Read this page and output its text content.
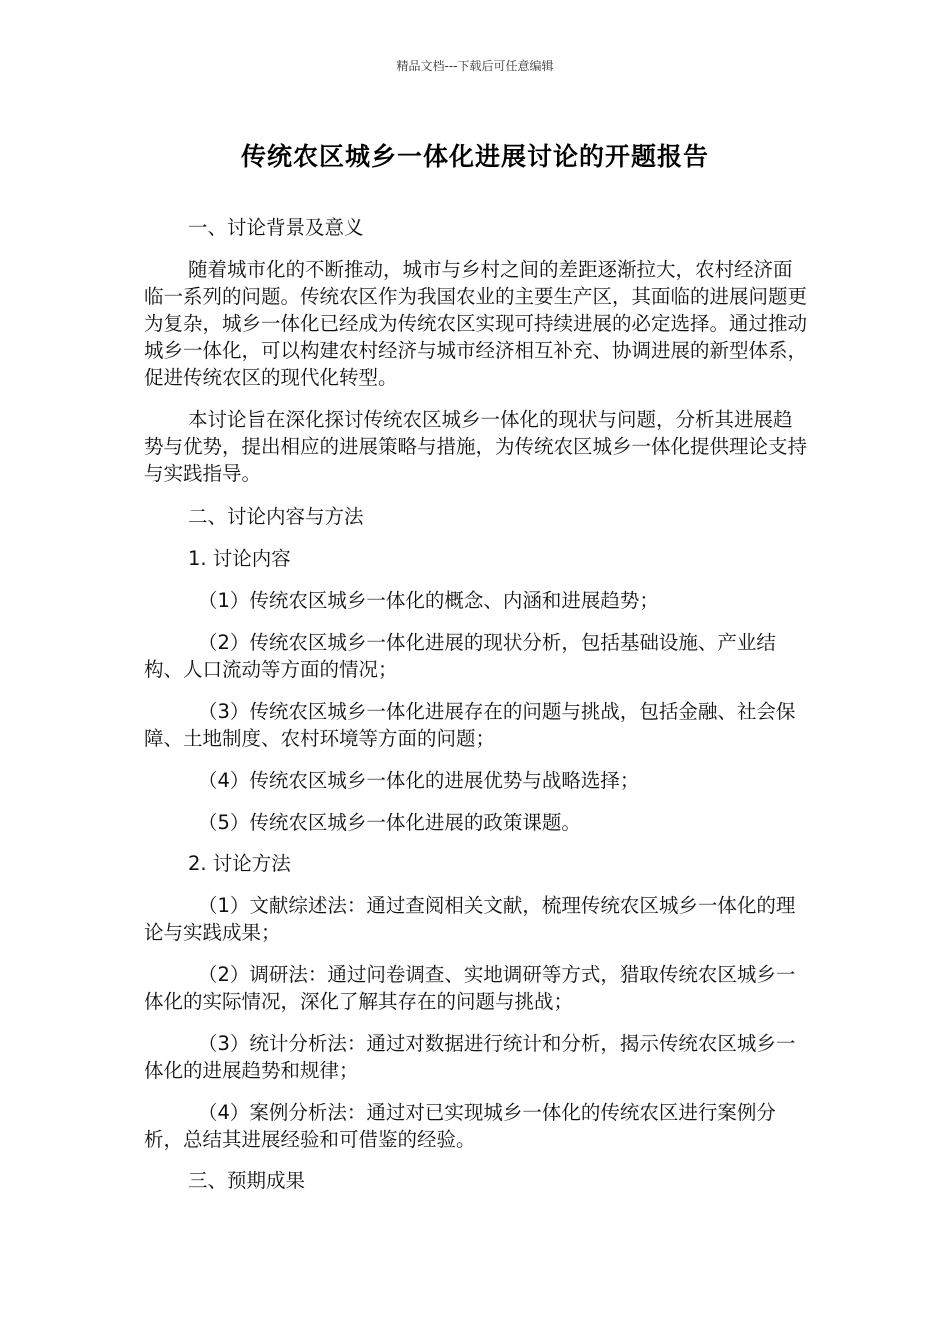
精品文档---下载后可任意编辑
传统农区城乡一体化进展讨论的开题报告

一、讨论背景及意义

随着城市化的不断推动，城市与乡村之间的差距逐渐拉大，农村经济面临一系列的问题。传统农区作为我国农业的主要生产区，其面临的进展问题更为复杂，城乡一体化已经成为传统农区实现可持续进展的必定选择。通过推动城乡一体化，可以构建农村经济与城市经济相互补充、协调进展的新型体系，促进传统农区的现代化转型。

本讨论旨在深化探讨传统农区城乡一体化的现状与问题，分析其进展趋势与优势，提出相应的进展策略与措施，为传统农区城乡一体化提供理论支持与实践指导。

二、讨论内容与方法

1. 讨论内容

（1）传统农区城乡一体化的概念、内涵和进展趋势；

（2）传统农区城乡一体化进展的现状分析，包括基础设施、产业结构、人口流动等方面的情况；

（3）传统农区城乡一体化进展存在的问题与挑战，包括金融、社会保障、土地制度、农村环境等方面的问题；

（4）传统农区城乡一体化的进展优势与战略选择；

（5）传统农区城乡一体化进展的政策课题。

2. 讨论方法

（1）文献综述法：通过查阅相关文献，梳理传统农区城乡一体化的理论与实践成果；

（2）调研法：通过问卷调查、实地调研等方式，猎取传统农区城乡一体化的实际情况，深化了解其存在的问题与挑战；

（3）统计分析法：通过对数据进行统计和分析，揭示传统农区城乡一体化的进展趋势和规律；

（4）案例分析法：通过对已实现城乡一体化的传统农区进行案例分析，总结其进展经验和可借鉴的经验。

三、预期成果
